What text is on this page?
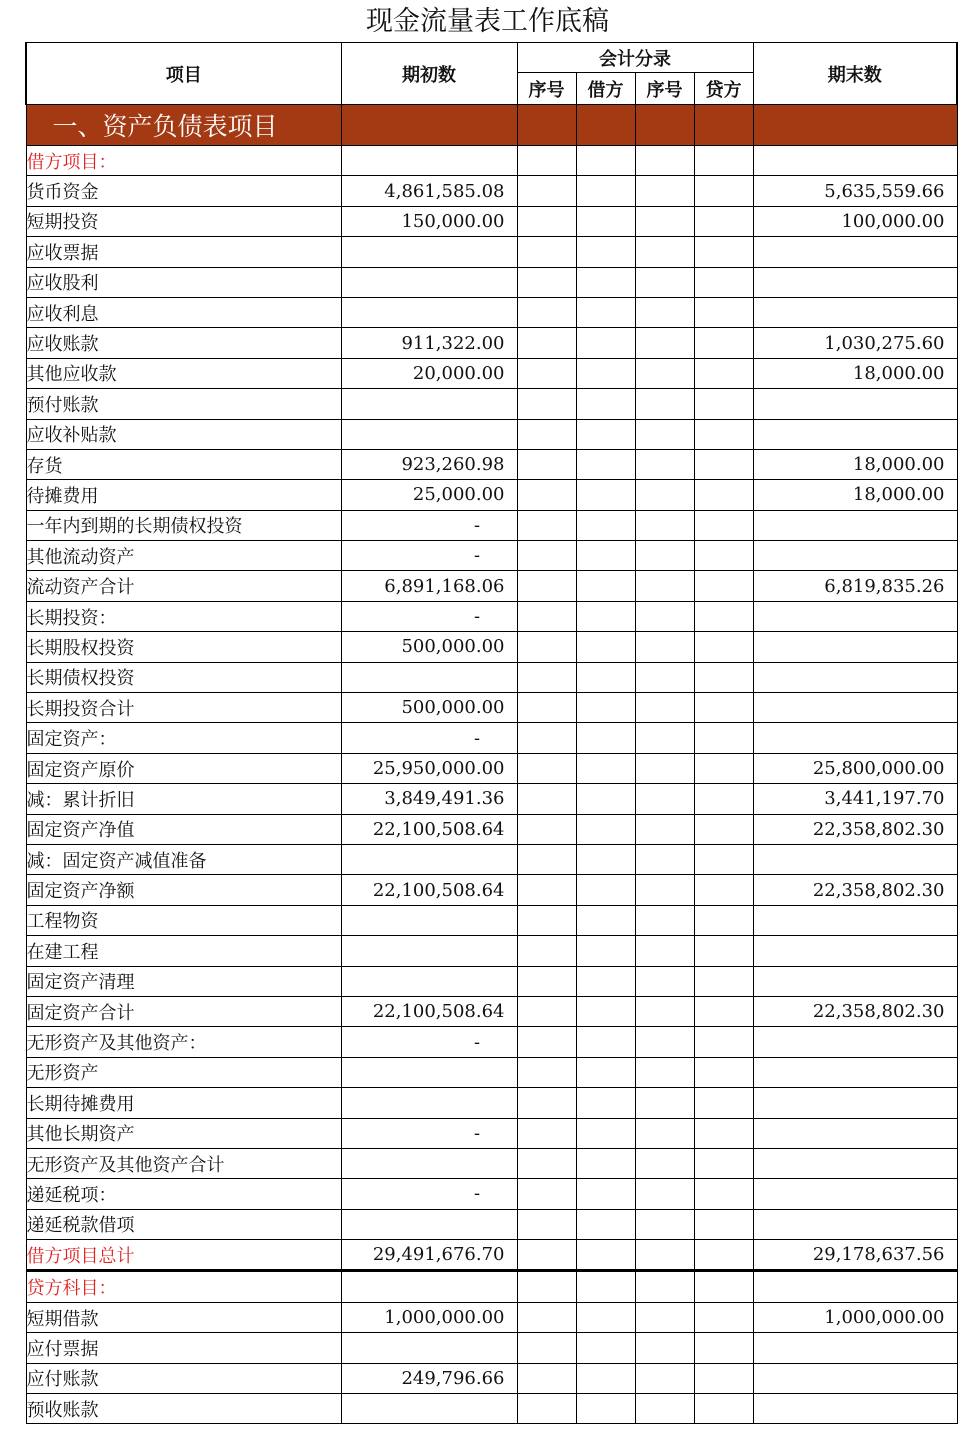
现金流量表工作底稿
项目	期初数	会计分录				期末数
		序号	借方	序号	贷方	
一、资产负债表项目						
借方项目：						
货币资金	4,861,585.08					5,635,559.66
短期投资	150,000.00					100,000.00
应收票据						
应收股利						
应收利息						
应收账款	911,322.00					1,030,275.60
其他应收款	20,000.00					18,000.00
预付账款						
应收补贴款						
存货	923,260.98					18,000.00
待摊费用	25,000.00					18,000.00
一年内到期的长期债权投资	-					
其他流动资产	-					
流动资产合计	6,891,168.06					6,819,835.26
长期投资：	-					
长期股权投资	500,000.00					
长期债权投资						
长期投资合计	500,000.00					
固定资产：	-					
固定资产原价	25,950,000.00					25,800,000.00
减：累计折旧	3,849,491.36					3,441,197.70
固定资产净值	22,100,508.64					22,358,802.30
减：固定资产减值准备						
固定资产净额	22,100,508.64					22,358,802.30
工程物资						
在建工程						
固定资产清理						
固定资产合计	22,100,508.64					22,358,802.30
无形资产及其他资产：	-					
无形资产						
长期待摊费用						
其他长期资产	-					
无形资产及其他资产合计						
递延税项：	-					
递延税款借项						
借方项目总计	29,491,676.70					29,178,637.56
贷方科目：						
短期借款	1,000,000.00					1,000,000.00
应付票据						
应付账款	249,796.66					
预收账款						
